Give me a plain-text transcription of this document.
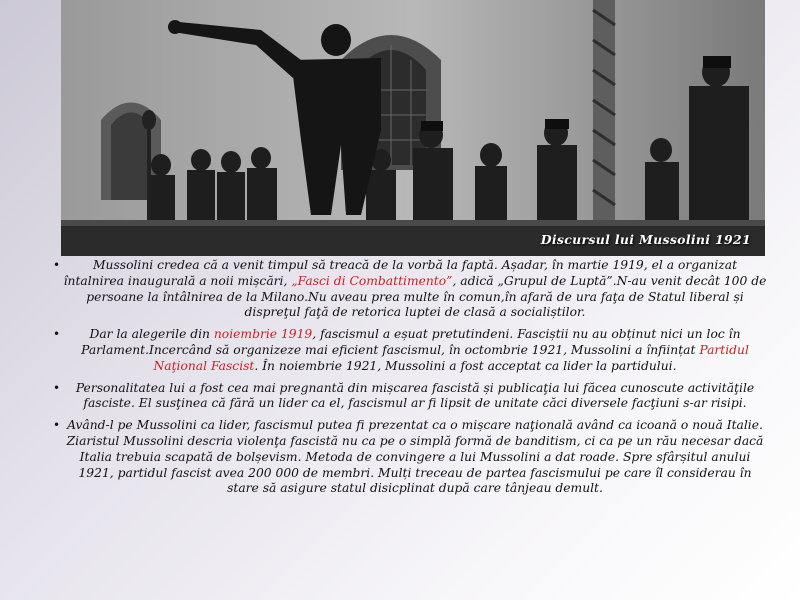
Discursul lui Mussolini 1921
•	Mussolini credea că a venit timpul să treacă de la vorbă la faptă. Așadar, în martie 1919, el a organizat întalnirea inaugurală a noii mișcări, „Fasci di Combattimento”, adică „Grupul de Luptă”.N-au venit decât 100 de persoane la întâlnirea de la Milano.Nu aveau prea multe în comun,în afară de ura faţa de Statul liberal și dispreţul faţă de retorica luptei de clasă a socialiștilor.
• Dar la alegerile din noiembrie 1919, fascismul a eșuat pretutindeni. Fasciștii nu au obținut nici un loc în Parlament.Incercând să organizeze mai eficient fascismul, în octombrie 1921, Mussolini a înființat Partidul Naţional Fascist. În noiembrie 1921, Mussolini a fost acceptat ca lider la partidului.
• Personalitatea lui a fost cea mai pregnantă din mișcarea fascistă și publicaţia lui făcea cunoscute activităţile fasciste. El susţinea că fără un lider ca el, fascismul ar fi lipsit de unitate căci diversele facţiuni s-ar risipi.
• Având-l pe Mussolini ca lider, fascismul putea fi prezentat ca o mișcare naţională având ca icoană o nouă Italie. Ziaristul Mussolini descria violenţa fascistă nu ca pe o simplă formă de banditism, ci ca pe un rău necesar dacă Italia trebuia scapată de bolșevism. Metoda de convingere a lui Mussolini a dat roade. Spre sfârșitul anului 1921, partidul fascist avea 200 000 de membri. Mulți treceau de partea fascismului pe care îl considerau în stare să asigure statul disicplinat după care tânjeau demult.
